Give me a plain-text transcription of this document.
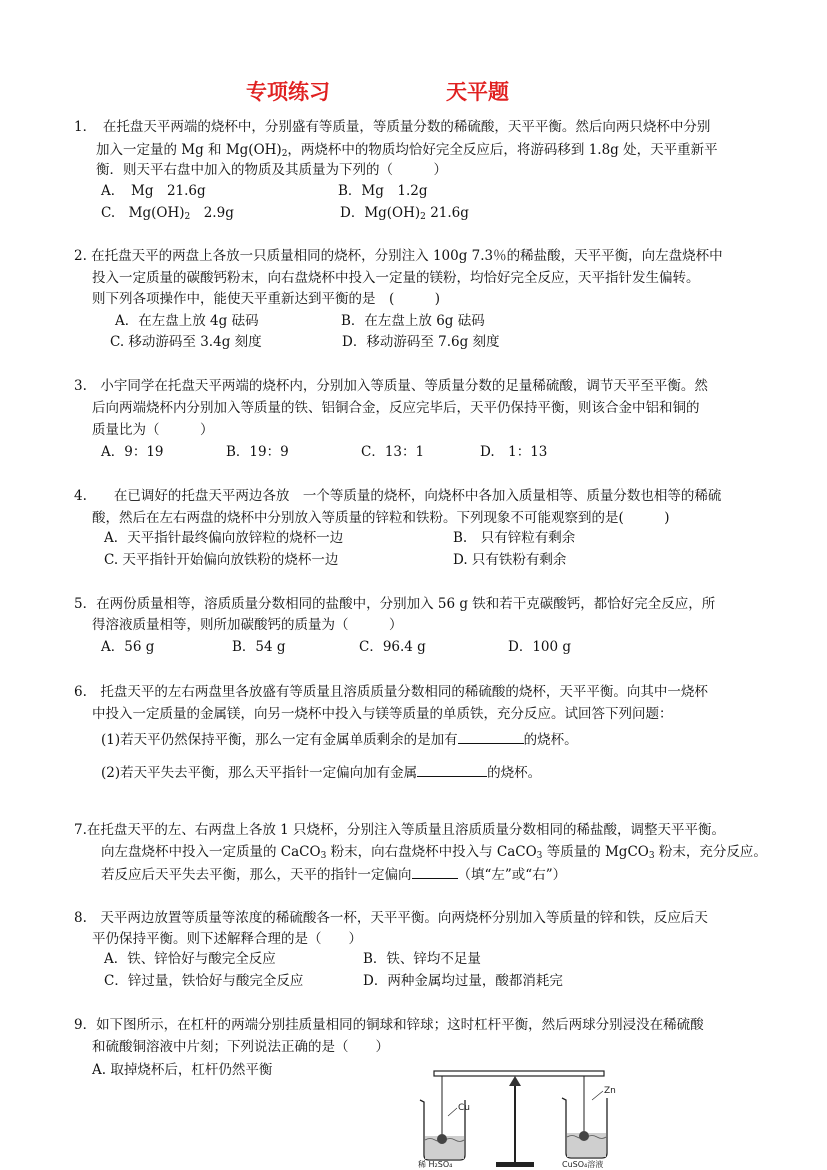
专项练习	天平题
1．　在托盘天平两端的烧杯中，分别盛有等质量，等质量分数的稀硫酸，天平平衡。然后向两只烧杯中分别
加入一定量的 Mg 和 $Mg(OH)_2$，两烧杯中的物质均恰好完全反应后，将游码移到 1.8g 处，天平重新平
衡．则天平右盘中加入的物质及其质量为下列的（　　　）
A．　Mg　21.6g	B．Mg　1.2g
C.　$Mg(OH)_2$　2.9g	D．$Mg(OH)_2$ 21.6g
2. 在托盘天平的两盘上各放一只质量相同的烧杯，分别注入 100g 7.3％的稀盐酸，天平平衡，向左盘烧杯中
投入一定质量的碳酸钙粉末，向右盘烧杯中投入一定量的镁粉，均恰好完全反应，天平指针发生偏转。
则下列各项操作中，能使天平重新达到平衡的是　(　　　)
A．在左盘上放 4g 砝码	B．在左盘上放 6g 砝码
C. 移动游码至 3.4g 刻度	D．移动游码至 7.6g 刻度
3.　小宇同学在托盘天平两端的烧杯内，分别加入等质量、等质量分数的足量稀硫酸，调节天平至平衡。然
后向两端烧杯内分别加入等质量的铁、铝铜合金，反应完毕后，天平仍保持平衡，则该合金中铝和铜的
质量比为（　　　）
A．9：19	B．19：9	C．13：1	D.　1：13
4.　　在已调好的托盘天平两边各放　一个等质量的烧杯，向烧杯中各加入质量相等、质量分数也相等的稀硫
酸，然后在左右两盘的烧杯中分别放入等质量的锌粒和铁粉。下列现象不可能观察到的是(　　　)
A．天平指针最终偏向放锌粒的烧杯一边	B.　只有锌粒有剩余
C. 天平指针开始偏向放铁粉的烧杯一边	D. 只有铁粉有剩余
5．在两份质量相等，溶质质量分数相同的盐酸中，分别加入 56 g 铁和若干克碳酸钙，都恰好完全反应，所
得溶液质量相等，则所加碳酸钙的质量为（　　　）
A．56 g	B．54 g	C．96.4 g	D．100 g
6.　托盘天平的左右两盘里各放盛有等质量且溶质质量分数相同的稀硫酸的烧杯，天平平衡。向其中一烧杯
中投入一定质量的金属镁，向另一烧杯中投入与镁等质量的单质铁，充分反应。试回答下列问题：
(1)若天平仍然保持平衡，那么一定有金属单质剩余的是加有	的烧杯。
(2)若天平失去平衡，那么天平指针一定偏向加有金属	的烧杯。
7.在托盘天平的左、右两盘上各放 1 只烧杯，分别注入等质量且溶质质量分数相同的稀盐酸，调整天平平衡。
向左盘烧杯中投入一定质量的 CaCO$_3$ 粉末，向右盘烧杯中投入与 CaCO$_3$ 等质量的 MgCO$_3$ 粉末，充分反应。
若反应后天平失去平衡，那么，天平的指针一定偏向	（填“左”或“右”）
8.　天平两边放置等质量等浓度的稀硫酸各一杯，天平平衡。向两烧杯分别加入等质量的锌和铁，反应后天
平仍保持平衡。则下述解释合理的是（　　）
A．铁、锌恰好与酸完全反应	B．铁、锌均不足量
C．锌过量，铁恰好与酸完全反应	D．两种金属均过量，酸都消耗完
9．如下图所示，在杠杆的两端分别挂质量相同的铜球和锌球；这时杠杆平衡，然后两球分别浸没在稀硫酸
和硫酸铜溶液中片刻；下列说法正确的是（　　）
A. 取掉烧杯后，杠杆仍然平衡
Cu
稀 H₂SO₄
Zn
CuSO₄溶液
